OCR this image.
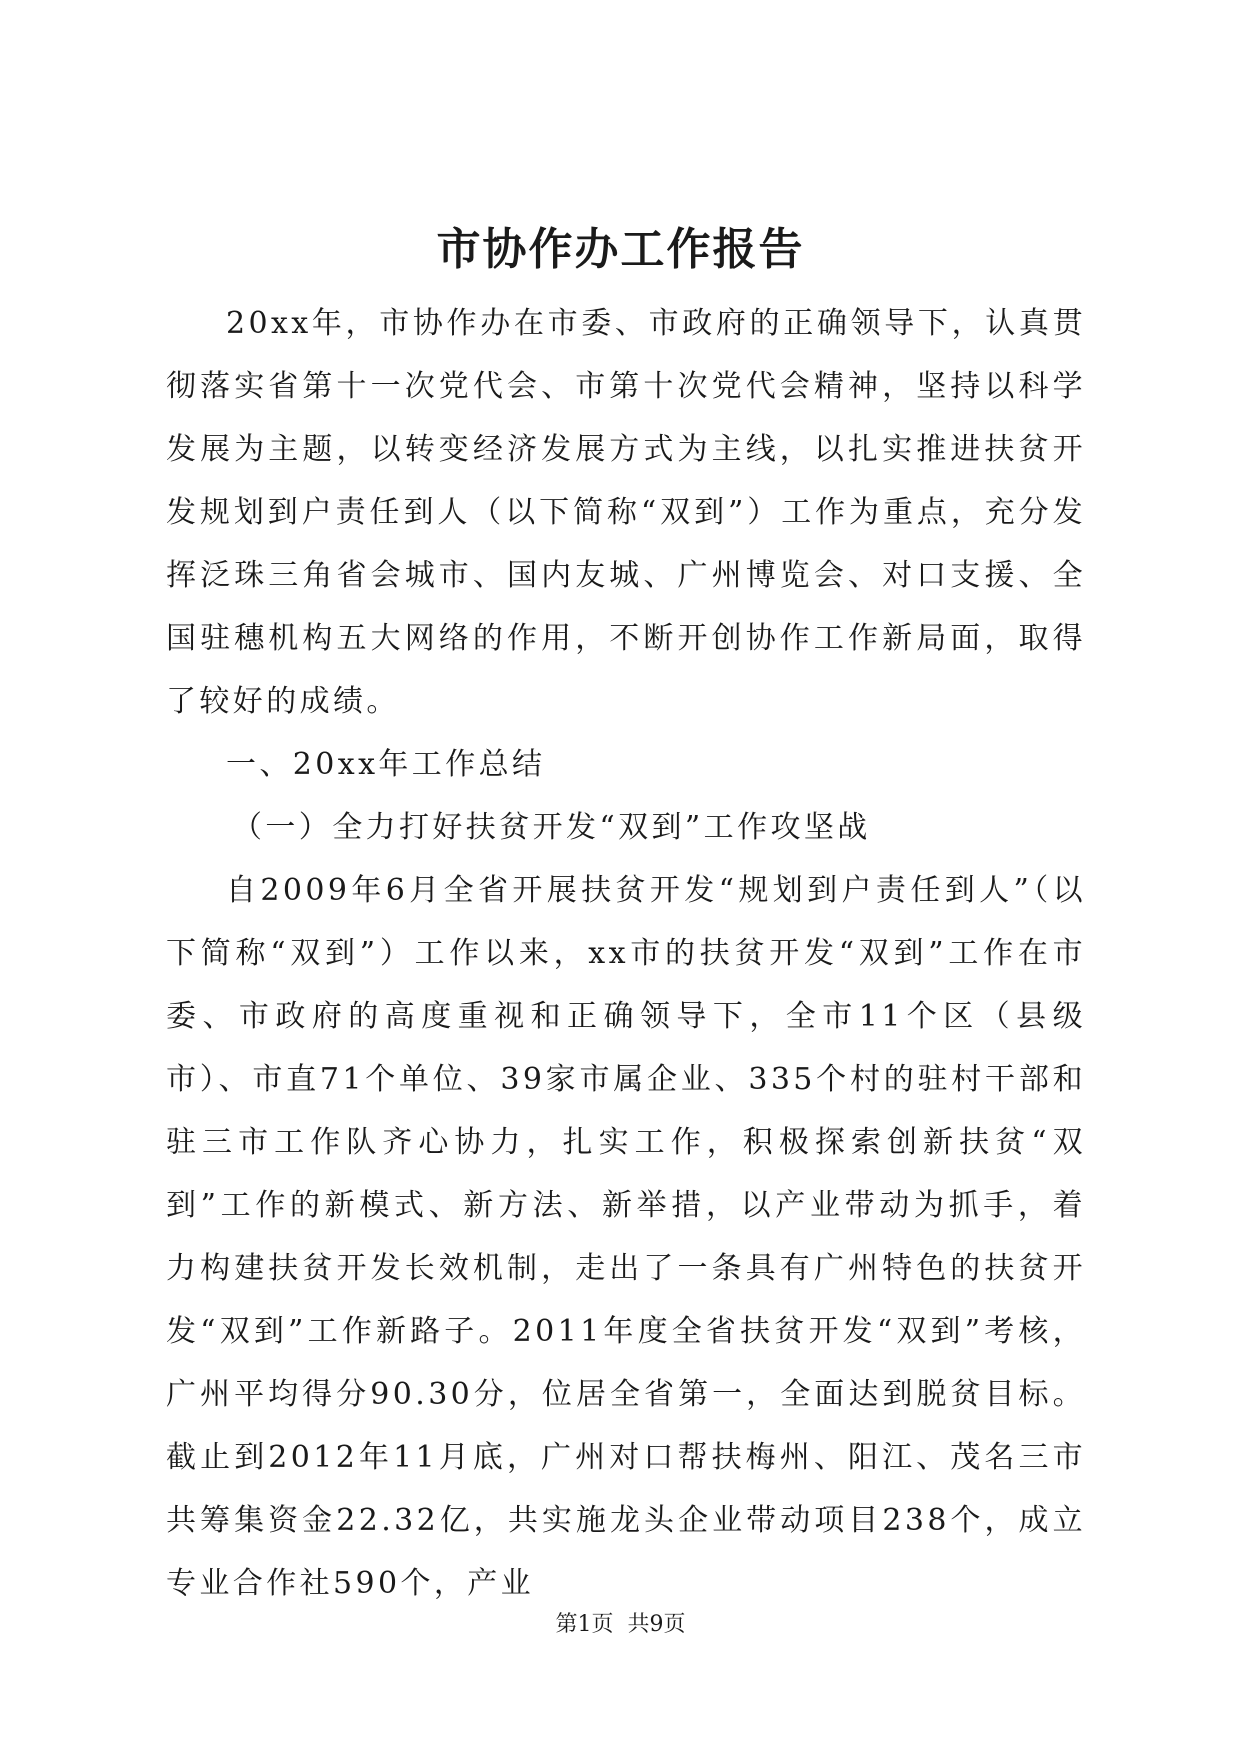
市协作办工作报告

20xx年，市协作办在市委、市政府的正确领导下，认真贯彻落实省第十一次党代会、市第十次党代会精神，坚持以科学发展为主题，以转变经济发展方式为主线，以扎实推进扶贫开发规划到户责任到人（以下简称“双到”）工作为重点，充分发挥泛珠三角省会城市、国内友城、广州博览会、对口支援、全国驻穗机构五大网络的作用，不断开创协作工作新局面，取得了较好的成绩。

一、20xx年工作总结

（一）全力打好扶贫开发“双到”工作攻坚战

自2009年6月全省开展扶贫开发“规划到户责任到人”（以下简称“双到”）工作以来，xx市的扶贫开发“双到”工作在市委、市政府的高度重视和正确领导下，全市11个区（县级市）、市直71个单位、39家市属企业、335个村的驻村干部和驻三市工作队齐心协力，扎实工作，积极探索创新扶贫“双到”工作的新模式、新方法、新举措，以产业带动为抓手，着力构建扶贫开发长效机制，走出了一条具有广州特色的扶贫开发“双到”工作新路子。2011年度全省扶贫开发“双到”考核，广州平均得分90.30分，位居全省第一，全面达到脱贫目标。截止到2012年11月底，广州对口帮扶梅州、阳江、茂名三市共筹集资金22.32亿，共实施龙头企业带动项目238个，成立专业合作社590个，产业

第1页 共9页
